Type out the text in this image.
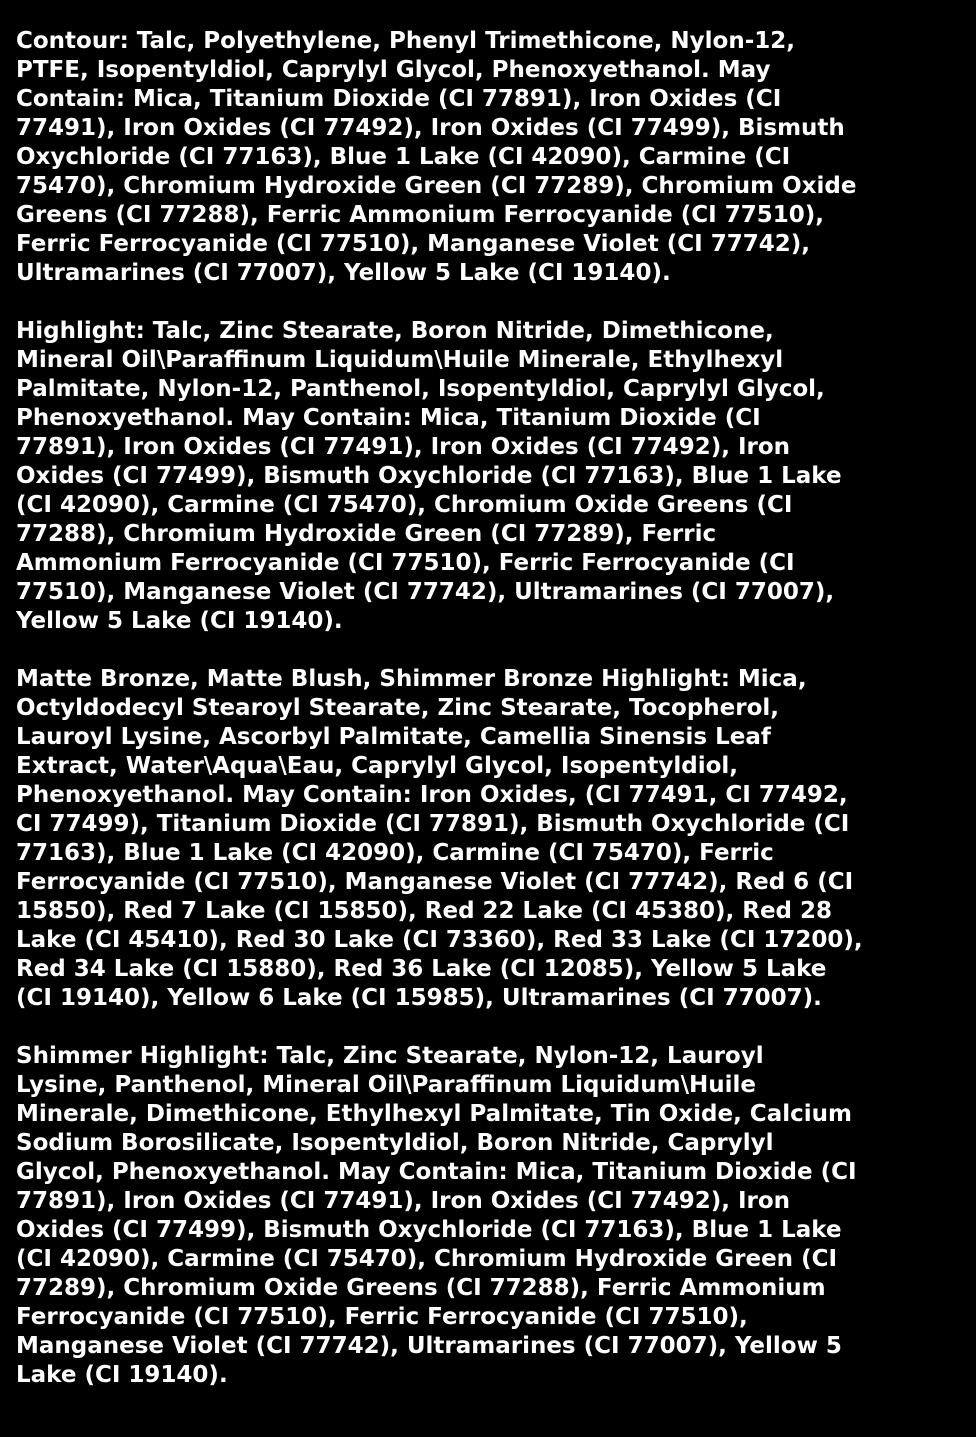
Contour: Talc, Polyethylene, Phenyl Trimethicone, Nylon-12,
PTFE, Isopentyldiol, Caprylyl Glycol, Phenoxyethanol. May
Contain: Mica, Titanium Dioxide (CI 77891), Iron Oxides (CI
77491), Iron Oxides (CI 77492), Iron Oxides (CI 77499), Bismuth
Oxychloride (CI 77163), Blue 1 Lake (CI 42090), Carmine (CI
75470), Chromium Hydroxide Green (CI 77289), Chromium Oxide
Greens (CI 77288), Ferric Ammonium Ferrocyanide (CI 77510),
Ferric Ferrocyanide (CI 77510), Manganese Violet (CI 77742),
Ultramarines (CI 77007), Yellow 5 Lake (CI 19140).

Highlight: Talc, Zinc Stearate, Boron Nitride, Dimethicone,
Mineral Oil\Paraffinum Liquidum\Huile Minerale, Ethylhexyl
Palmitate, Nylon-12, Panthenol, Isopentyldiol, Caprylyl Glycol,
Phenoxyethanol. May Contain: Mica, Titanium Dioxide (CI
77891), Iron Oxides (CI 77491), Iron Oxides (CI 77492), Iron
Oxides (CI 77499), Bismuth Oxychloride (CI 77163), Blue 1 Lake
(CI 42090), Carmine (CI 75470), Chromium Oxide Greens (CI
77288), Chromium Hydroxide Green (CI 77289), Ferric
Ammonium Ferrocyanide (CI 77510), Ferric Ferrocyanide (CI
77510), Manganese Violet (CI 77742), Ultramarines (CI 77007),
Yellow 5 Lake (CI 19140).

Matte Bronze, Matte Blush, Shimmer Bronze Highlight: Mica,
Octyldodecyl Stearoyl Stearate, Zinc Stearate, Tocopherol,
Lauroyl Lysine, Ascorbyl Palmitate, Camellia Sinensis Leaf
Extract, Water\Aqua\Eau, Caprylyl Glycol, Isopentyldiol,
Phenoxyethanol. May Contain: Iron Oxides, (CI 77491, CI 77492,
CI 77499), Titanium Dioxide (CI 77891), Bismuth Oxychloride (CI
77163), Blue 1 Lake (CI 42090), Carmine (CI 75470), Ferric
Ferrocyanide (CI 77510), Manganese Violet (CI 77742), Red 6 (CI
15850), Red 7 Lake (CI 15850), Red 22 Lake (CI 45380), Red 28
Lake (CI 45410), Red 30 Lake (CI 73360), Red 33 Lake (CI 17200),
Red 34 Lake (CI 15880), Red 36 Lake (CI 12085), Yellow 5 Lake
(CI 19140), Yellow 6 Lake (CI 15985), Ultramarines (CI 77007).

Shimmer Highlight: Talc, Zinc Stearate, Nylon-12, Lauroyl
Lysine, Panthenol, Mineral Oil\Paraffinum Liquidum\Huile
Minerale, Dimethicone, Ethylhexyl Palmitate, Tin Oxide, Calcium
Sodium Borosilicate, Isopentyldiol, Boron Nitride, Caprylyl
Glycol, Phenoxyethanol. May Contain: Mica, Titanium Dioxide (CI
77891), Iron Oxides (CI 77491), Iron Oxides (CI 77492), Iron
Oxides (CI 77499), Bismuth Oxychloride (CI 77163), Blue 1 Lake
(CI 42090), Carmine (CI 75470), Chromium Hydroxide Green (CI
77289), Chromium Oxide Greens (CI 77288), Ferric Ammonium
Ferrocyanide (CI 77510), Ferric Ferrocyanide (CI 77510),
Manganese Violet (CI 77742), Ultramarines (CI 77007), Yellow 5
Lake (CI 19140).
